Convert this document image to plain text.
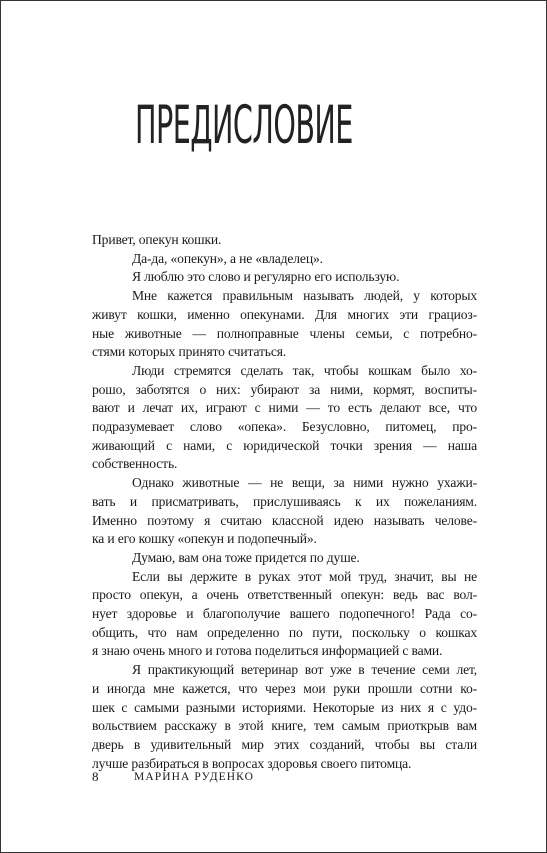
ПРЕДИСЛОВИЕ
Привет, опекун кошки.
Да-да, «опекун», а не «владелец».
Я люблю это слово и регулярно его использую.
Мне кажется правильным называть людей, у которых
живут кошки, именно опекунами. Для многих эти грациоз-
ные животные — полноправные члены семьи, с потребно-
стями которых принято считаться.
Люди стремятся сделать так, чтобы кошкам было хо-
рошо, заботятся о них: убирают за ними, кормят, воспиты-
вают и лечат их, играют с ними — то есть делают все, что
подразумевает слово «опека». Безусловно, питомец, про-
живающий с нами, с юридической точки зрения — наша
собственность.
Однако животные — не вещи, за ними нужно ухажи-
вать и присматривать, прислушиваясь к их пожеланиям.
Именно поэтому я считаю классной идею называть челове-
ка и его кошку «опекун и подопечный».
Думаю, вам она тоже придется по душе.
Если вы держите в руках этот мой труд, значит, вы не
просто опекун, а очень ответственный опекун: ведь вас вол-
нует здоровье и благополучие вашего подопечного! Рада со-
общить, что нам определенно по пути, поскольку о кошках
я знаю очень много и готова поделиться информацией с вами.
Я практикующий ветеринар вот уже в течение семи лет,
и иногда мне кажется, что через мои руки прошли сотни ко-
шек с самыми разными историями. Некоторые из них я с удо-
вольствием расскажу в этой книге, тем самым приоткрыв вам
дверь в удивительный мир этих созданий, чтобы вы стали
лучше разбираться в вопросах здоровья своего питомца.
8	МАРИНА РУДЕНКО
